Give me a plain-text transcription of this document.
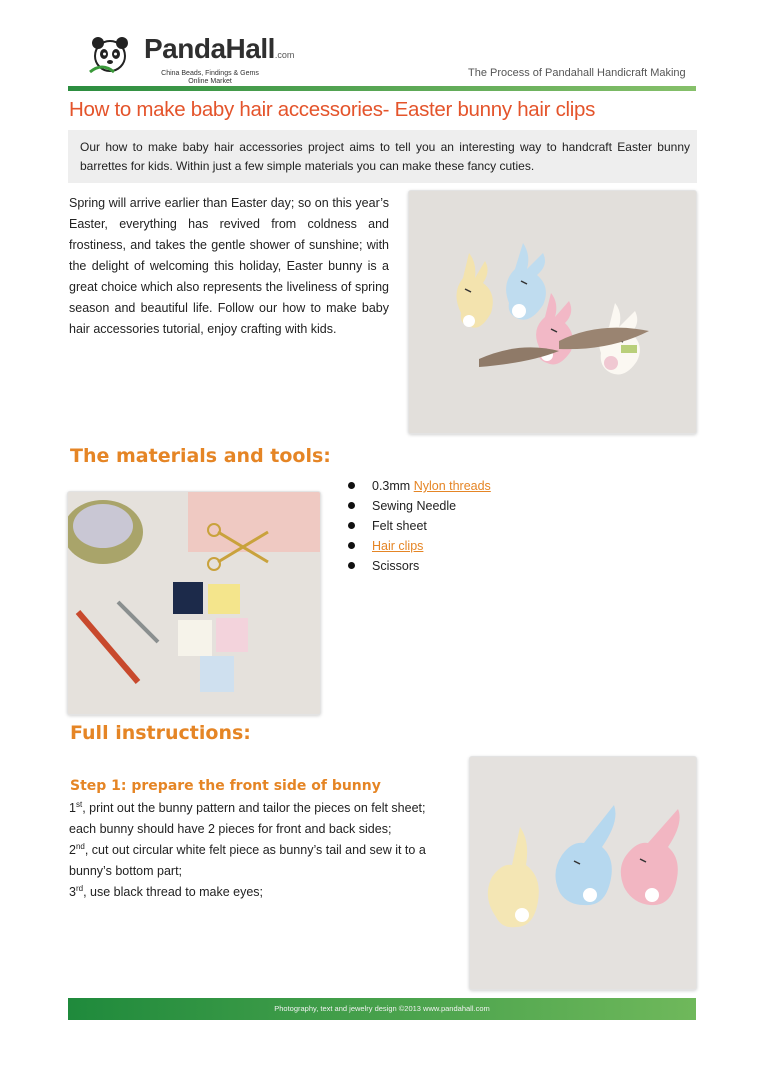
PandaHall.com
China Beads, Findings & Gems
Online Market
The Process of Pandahall Handicraft Making
How to make baby hair accessories- Easter bunny hair clips
Our how to make baby hair accessories project aims to tell you an interesting way to handcraft Easter bunny barrettes for kids. Within just a few simple materials you can make these fancy cuties.
Spring will arrive earlier than Easter day; so on this year’s Easter, everything has revived from coldness and frostiness, and takes the gentle shower of sunshine; with the delight of welcoming this holiday, Easter bunny is a great choice which also represents the liveliness of spring season and beautiful life. Follow our how to make baby hair accessories tutorial, enjoy crafting with kids.
The materials and tools:
0.3mm Nylon threads
Sewing Needle
Felt sheet
Hair clips
Scissors
Full instructions:
Step 1: prepare the front side of bunny

1st, print out the bunny pattern and tailor the pieces on felt sheet; each bunny should have 2 pieces for front and back sides;

2nd, cut out circular white felt piece as bunny’s tail and sew it to a bunny’s bottom part;

3rd, use black thread to make eyes;

Photography, text and jewelry design ©2013 www.pandahall.com
